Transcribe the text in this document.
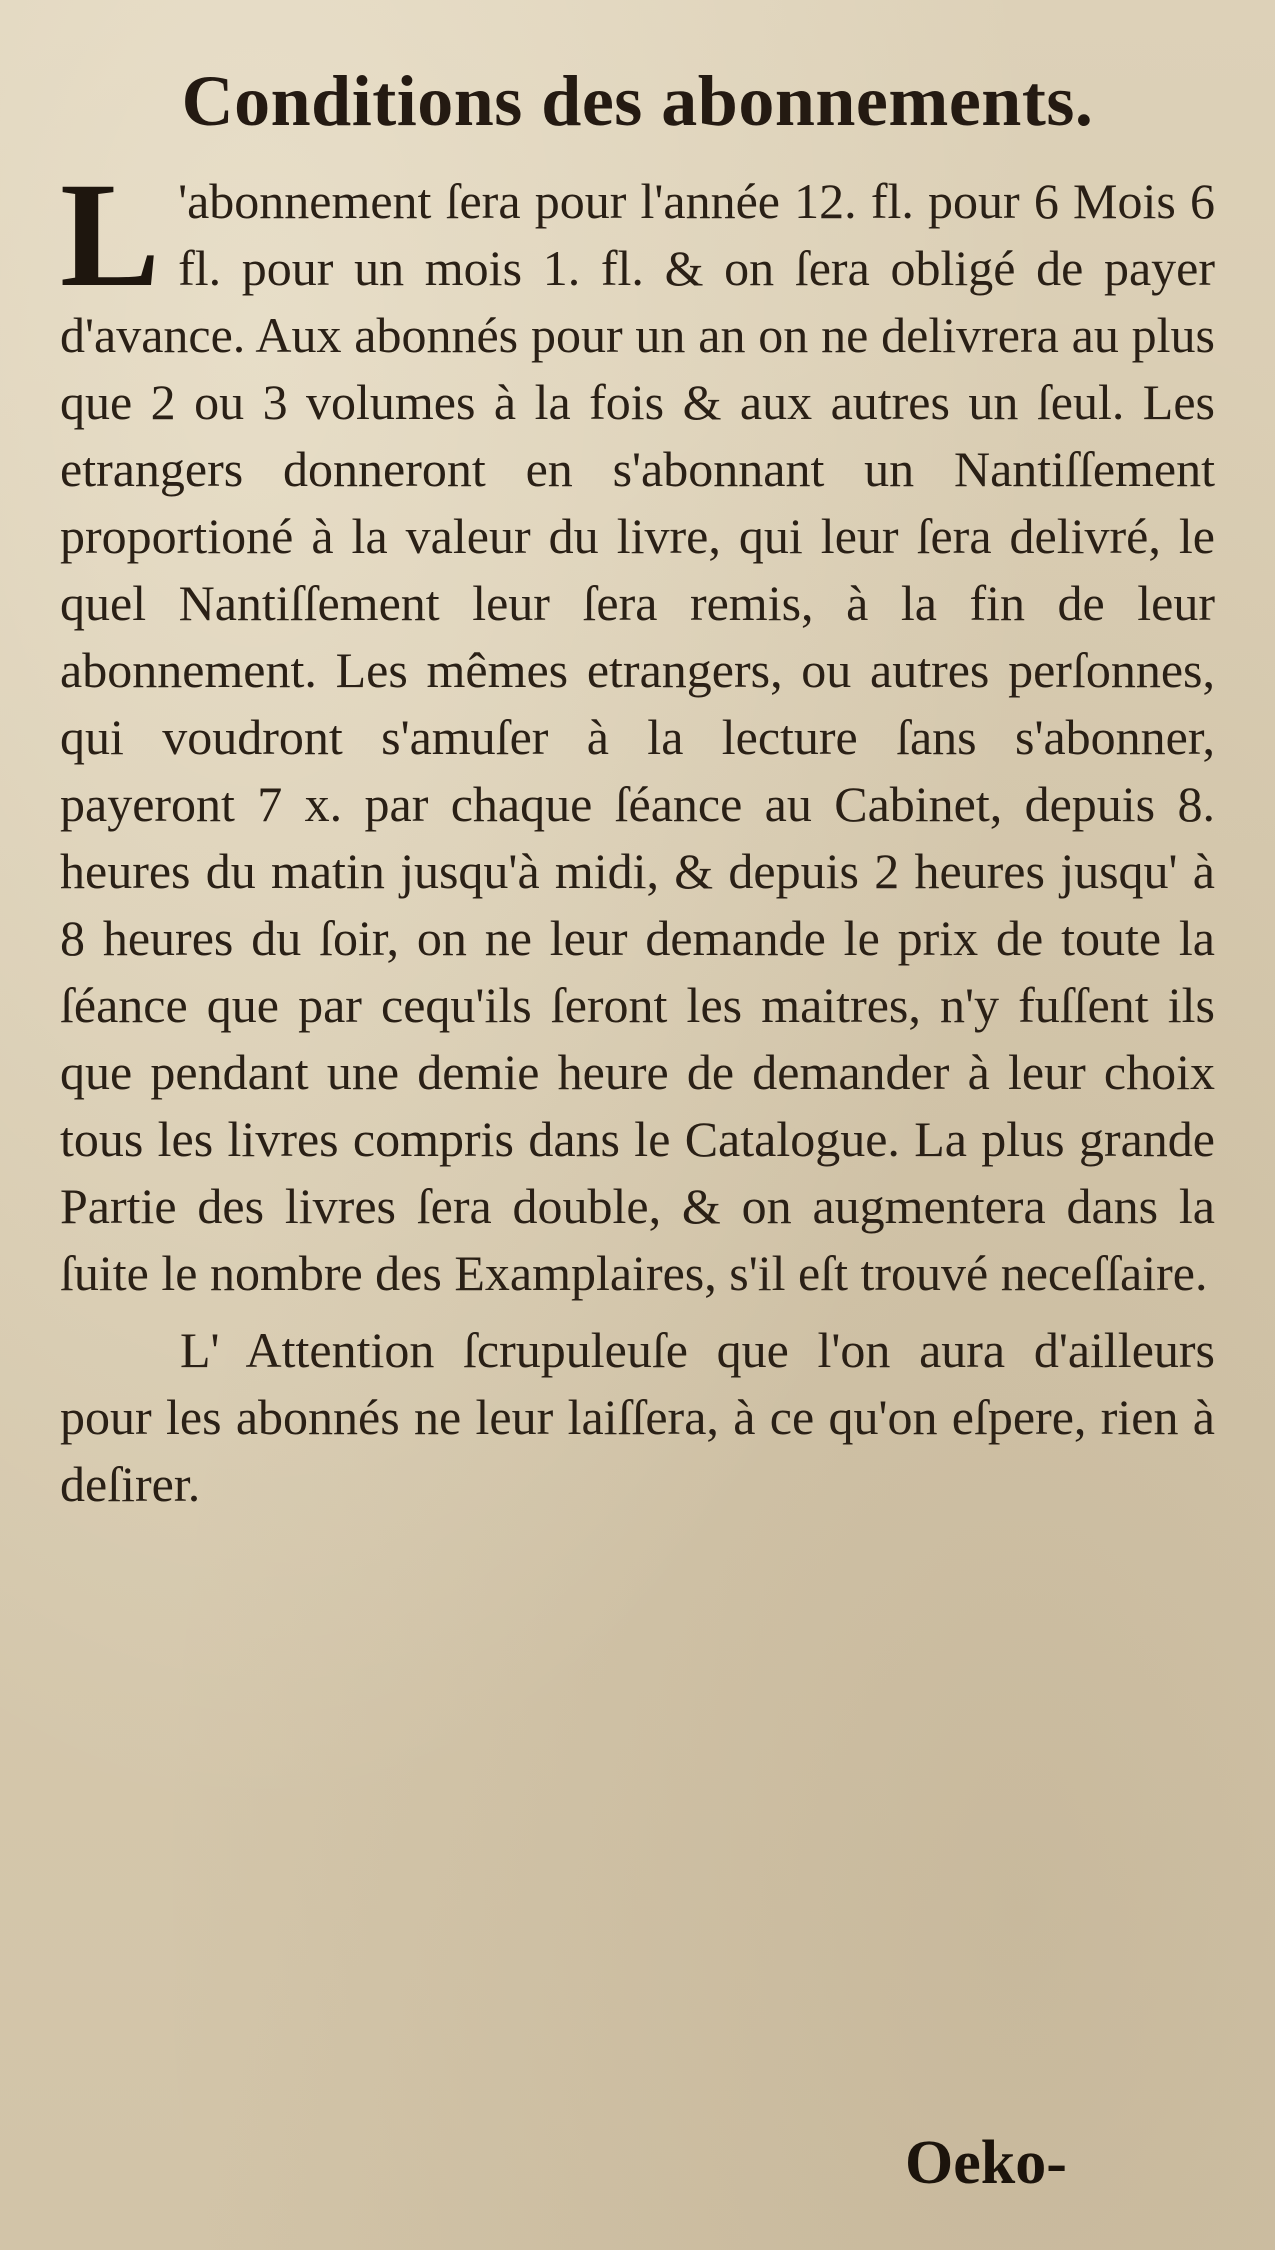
Conditions des abonnements.

L 'abonnement ſera pour l'année 12. fl. pour 6 Mois 6 fl. pour un mois 1. fl. & on ſera obligé de payer d'avance. Aux abonnés pour un an on ne delivrera au plus que 2 ou 3 volumes à la fois & aux autres un ſeul. Les etrangers donneront en s'abonnant un Nantiſſement proportioné à la valeur du livre, qui leur ſera delivré, le quel Nantiſſement leur ſera remis, à la fin de leur abonnement. Les mêmes etrangers, ou autres perſonnes, qui voudront s'amuſer à la lecture ſans s'abonner, payeront 7 x. par chaque ſéance au Cabinet, depuis 8. heures du matin jusqu'à midi, & depuis 2 heures jusqu' à 8 heures du ſoir, on ne leur demande le prix de toute la ſéance que par cequ'ils ſeront les maitres, n'y fuſſent ils que pendant une demie heure de demander à leur choix tous les livres compris dans le Catalogue. La plus grande Partie des livres ſera double, & on augmentera dans la ſuite le nombre des Examplaires, s'il eſt trouvé neceſſaire.

L' Attention ſcrupuleuſe que l'on aura d'ailleurs pour les abonnés ne leur laiſſera, à ce qu'on eſpere, rien à deſirer.

Oeko-
